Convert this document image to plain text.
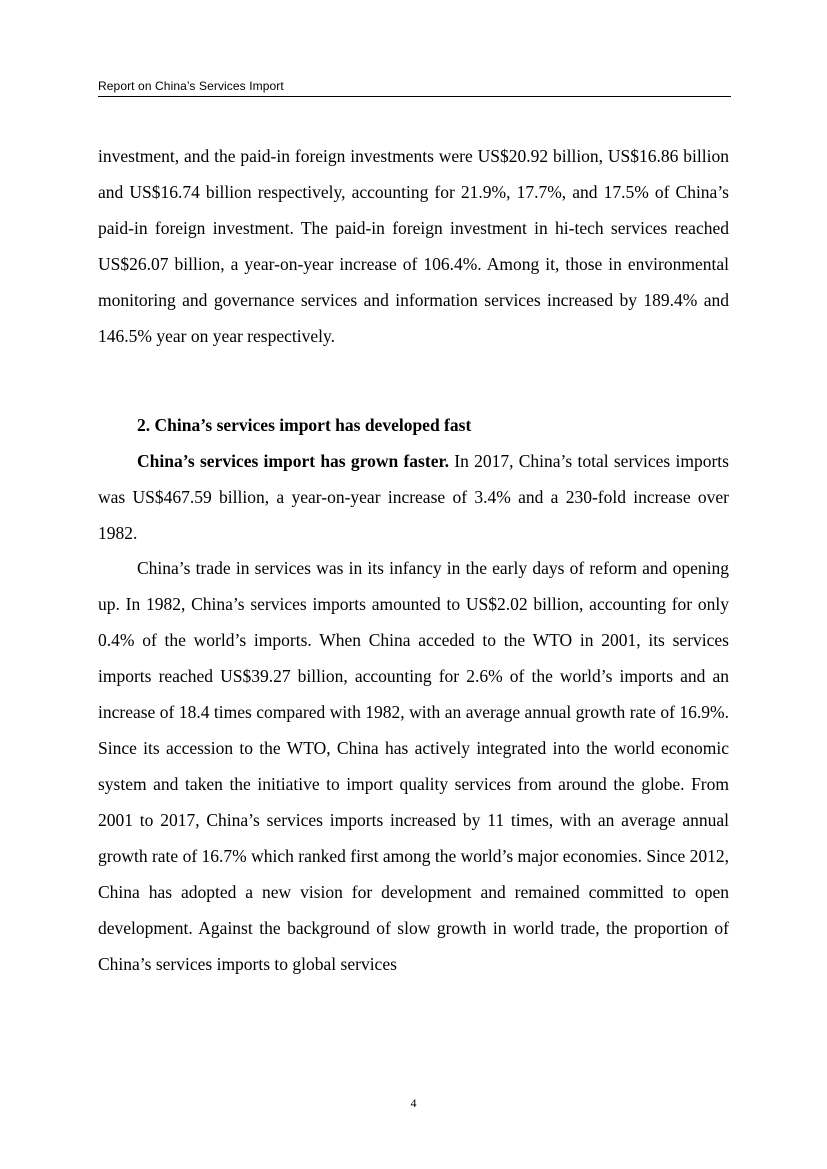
Report on China’s Services Import

investment, and the paid-in foreign investments were US$20.92 billion, US$16.86 billion and US$16.74 billion respectively, accounting for 21.9%, 17.7%, and 17.5% of China’s paid-in foreign investment. The paid-in foreign investment in hi-tech services reached US$26.07 billion, a year-on-year increase of 106.4%. Among it, those in environmental monitoring and governance services and information services increased by 189.4% and 146.5% year on year respectively.

2. China’s services import has developed fast

China’s services import has grown faster. In 2017, China’s total services imports was US$467.59 billion, a year-on-year increase of 3.4% and a 230-fold increase over 1982.

China’s trade in services was in its infancy in the early days of reform and opening up. In 1982, China’s services imports amounted to US$2.02 billion, accounting for only 0.4% of the world’s imports. When China acceded to the WTO in 2001, its services imports reached US$39.27 billion, accounting for 2.6% of the world’s imports and an increase of 18.4 times compared with 1982, with an average annual growth rate of 16.9%. Since its accession to the WTO, China has actively integrated into the world economic system and taken the initiative to import quality services from around the globe. From 2001 to 2017, China’s services imports increased by 11 times, with an average annual growth rate of 16.7% which ranked first among the world’s major economies. Since 2012, China has adopted a new vision for development and remained committed to open development. Against the background of slow growth in world trade, the proportion of China’s services imports to global services

4
